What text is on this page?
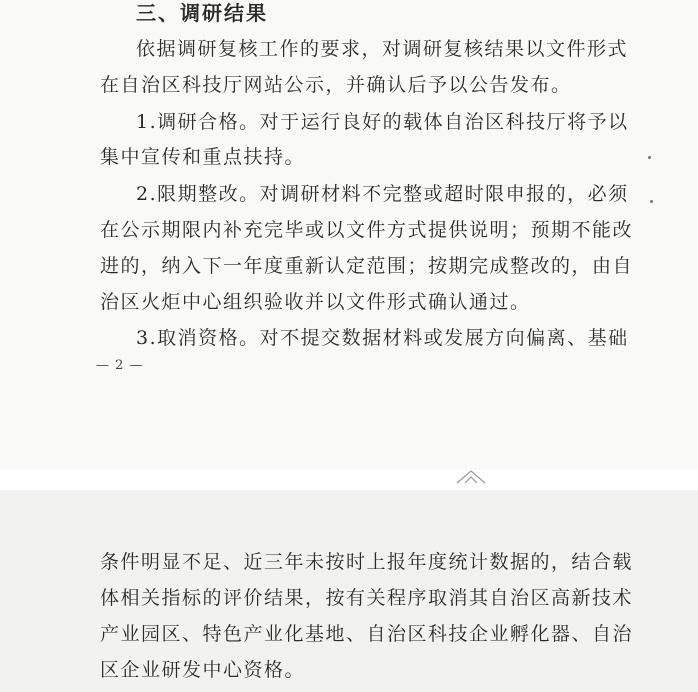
三、调研结果

依据调研复核工作的要求，对调研复核结果以文件形式

在自治区科技厅网站公示，并确认后予以公告发布。

1.调研合格。对于运行良好的载体自治区科技厅将予以

集中宣传和重点扶持。

2.限期整改。对调研材料不完整或超时限申报的，必须

在公示期限内补充完毕或以文件方式提供说明；预期不能改

进的，纳入下一年度重新认定范围；按期完成整改的，由自

治区火炬中心组织验收并以文件形式确认通过。

3.取消资格。对不提交数据材料或发展方向偏离、基础

— 2 —

条件明显不足、近三年未按时上报年度统计数据的，结合载

体相关指标的评价结果，按有关程序取消其自治区高新技术

产业园区、特色产业化基地、自治区科技企业孵化器、自治

区企业研发中心资格。
